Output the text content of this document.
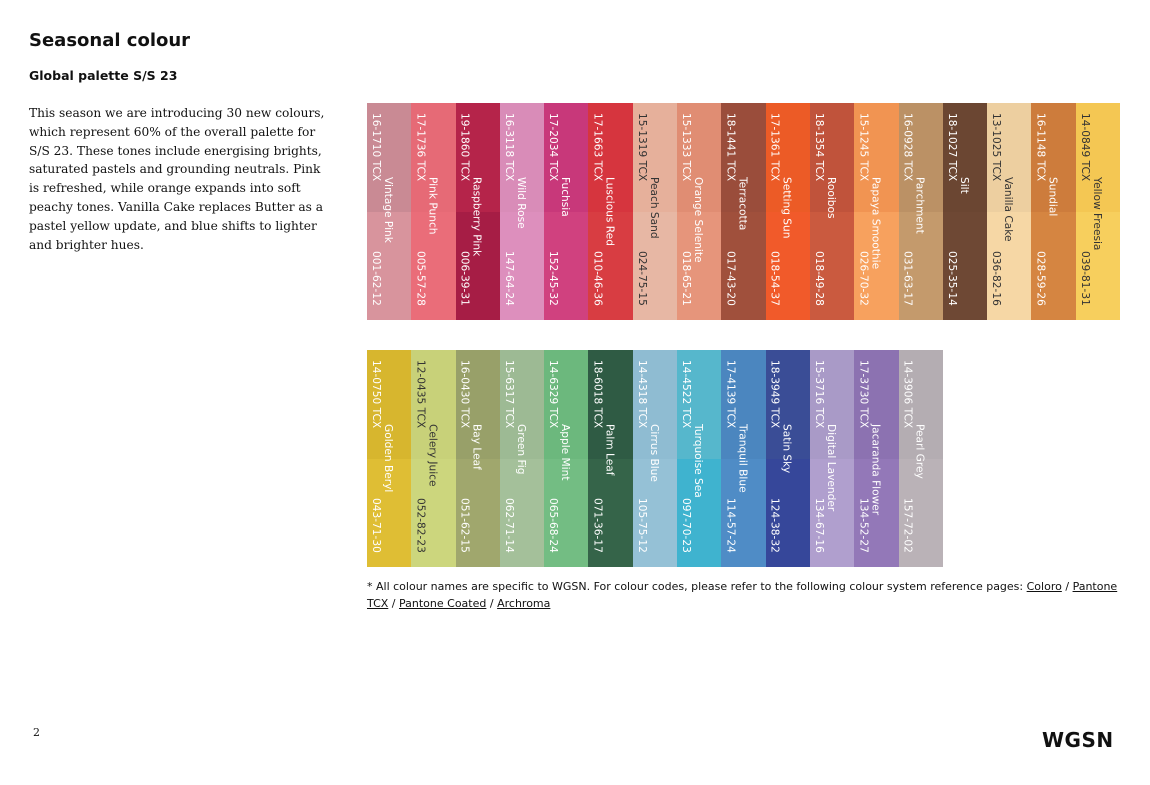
Seasonal colour
Global palette S/S 23

This season we are introducing 30 new colours, which represent 60% of the overall palette for S/S 23. These tones include energising brights, saturated pastels and grounding neutrals. Pink is refreshed, while orange expands into soft peachy tones. Vanilla Cake replaces Butter as a pastel yellow update, and blue shifts to lighter and brighter hues.

16-1710 TCX
Vintage Pink
001-62-12
17-1736 TCX
Pink Punch
005-57-28
19-1860 TCX
Raspberry Pink
006-39-31
16-3118 TCX
Wild Rose
147-64-24
17-2034 TCX
Fuchsia
152-45-32
17-1663 TCX
Luscious Red
010-46-36
15-1319 TCX
Peach Sand
024-75-15
15-1333 TCX
Orange Selenite
018-65-21
18-1441 TCX
Terracotta
017-43-20
17-1361 TCX
Setting Sun
018-54-37
18-1354 TCX
Rooibos
018-49-28
15-1245 TCX
Papaya Smoothie
026-70-32
16-0928 TCX
Parchment
031-63-17
18-1027 TCX
Silt
025-35-14
13-1025 TCX
Vanilla Cake
036-82-16
16-1148 TCX
Sundial
028-59-26
14-0849 TCX
Yellow Freesia
039-81-31
14-0750 TCX
Golden Beryl
043-71-30
12-0435 TCX
Celery Juice
052-82-23
16-0430 TCX
Bay Leaf
051-62-15
15-6317 TCX
Green Fig
062-71-14
14-6329 TCX
Apple Mint
065-68-24
18-6018 TCX
Palm Leaf
071-36-17
14-4318 TCX
Cirrus Blue
105-75-12
14-4522 TCX
Turquoise Sea
097-70-23
17-4139 TCX
Tranquil Blue
114-57-24
18-3949 TCX
Satin Sky
124-38-32
15-3716 TCX
Digital Lavender
134-67-16
17-3730 TCX
Jacaranda Flower
134-52-27
14-3906 TCX
Pearl Grey
157-72-02

* All colour names are specific to WGSN. For colour codes, please refer to the following colour system reference pages: Coloro / Pantone TCX / Pantone Coated / Archroma

2	WGSN
